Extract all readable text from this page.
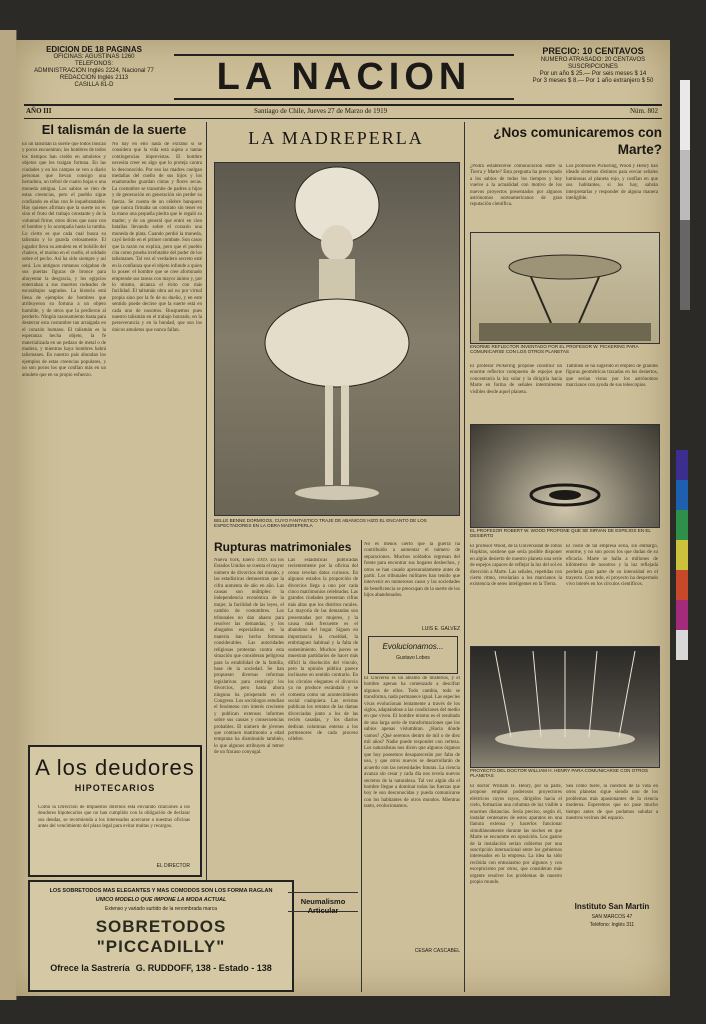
EDICION DE 18 PAGINAS
OFICINAS: AGUSTINAS 1260
TELEFONOS:
ADMINISTRACION Inglés 2224, Nacional 77
REDACCION Inglés 2113
CASILLA 81-D	LA NACION
PRECIO: 10 CENTAVOS
NUMERO ATRASADO: 20 CENTAVOS
SUSCRIPCIONES
Por un año $ 25.— Por seis meses $ 14
Por 3 meses $ 8.— Por 1 año extranjero $ 50
AÑO III	Santiago de Chile, Jueves 27 de Marzo de 1919	Núm. 802
El talismán de la suerte
Es un talismán la suerte que todos buscan y pocos encuentran; los hombres de todos los tiempos han creído en amuletos y objetos que les traigan fortuna. En las ciudades y en los campos se ven a diario personas que llevan consigo una herradura, un trébol de cuatro hojas o una moneda antigua. Los sabios se ríen de estas creencias, pero el pueblo sigue confiando en ellas con fe inquebrantable. Hay quienes afirman que la suerte no es sino el fruto del trabajo constante y de la voluntad firme; otros dicen que nace con el hombre y lo acompaña hasta la tumba. Lo cierto es que cada cual busca su talismán y lo guarda celosamente. El jugador lleva su amuleto en el bolsillo del chaleco, el marino en el cuello, el soldado sobre el pecho. Así ha sido siempre y así será. Los antiguos romanos colgaban de sus puertas figuras de bronce para ahuyentar la desgracia, y los egipcios enterraban a sus muertos rodeados de escarabajos sagrados. La historia está llena de ejemplos de hombres que atribuyeron su fortuna a un objeto humilde, y de otros que la perdieron al perderlo. Ningún razonamiento basta para desterrar esta costumbre tan arraigada en el corazón humano. El talismán es la esperanza hecha objeto, la fe materializada en un pedazo de metal o de madera, y mientras haya hombres habrá talismanes. En nuestro país abundan los ejemplos de estas creencias populares, y no son pocos los que confían más en un amuleto que en su propio esfuerzo.
No hay en ello nada de extraño si se considera que la vida está sujeta a tantas contingencias imprevistas. El hombre necesita creer en algo que lo proteja contra lo desconocido. Por eso las madres cuelgan medallas del cuello de sus hijos y los enamorados guardan cintas y flores secas. La costumbre se transmite de padres a hijos y de generación en generación sin perder su fuerza. Se cuenta de un célebre banquero que nunca firmaba un contrato sin tener en la mano una pequeña piedra que le regaló su madre; y de un general que entró en cien batallas llevando sobre el corazón una moneda de plata. Cuando perdió la moneda, cayó herido en el primer combate. Son casos que la razón no explica, pero que el pueblo cita como prueba irrefutable del poder de los talismanes. Tal vez el verdadero secreto esté en la confianza que el objeto infunde a quien lo posee: el hombre que se cree afortunado emprende sus tareas con mayor ánimo y, por lo mismo, alcanza el éxito con más facilidad. El talismán obra así no por virtud propia sino por la fe de su dueño, y en este sentido puede decirse que la suerte está en cada uno de nosotros. Busquemos pues nuestro talismán en el trabajo honrado, en la perseverancia y en la bondad, que son los únicos amuletos que nunca fallan.
A los deudores
HIPOTECARIOS
Como la Dirección de Impuestos Internos está enviando citaciones a los deudores hipotecarios que no han cumplido con la obligación de declarar sus deudas, se recomienda a los interesados acercarse a nuestras oficinas antes del vencimiento del plazo legal para evitar multas y recargos.
EL DIRECTOR
LOS SOBRETODOS MAS ELEGANTES Y MAS COMODOS SON LOS FORMA RAGLAN
UNICO MODELO QUE IMPONE LA MODA ACTUAL
Extenso y variado surtido de la renombrada marca
SOBRETODOS "PICCADILLY"
Ofrece la Sastrería G. RUDDOFF, 138 - Estado - 138
LA MADREPERLA
BELLE BENNE DORMIGOS, CUYO FANTASTICO TRAJE DE ABANICOS HIZO EL ENCANTO DE LOS ESPECTADORES EN LA OBRA MADREPERLA
Rupturas matrimoniales
Nueva York, Enero 1919. En los Estados Unidos se cuenta el mayor número de divorcios del mundo, y las estadísticas demuestran que la cifra aumenta de año en año. Las causas son múltiples: la independencia económica de la mujer, la facilidad de las leyes, el cambio de costumbres. Los tribunales no dan abasto para resolver las demandas, y los abogados especialistas en la materia han hecho fortunas considerables. Las autoridades religiosas protestan contra esta situación que consideran peligrosa para la estabilidad de la familia, base de la sociedad. Se han propuesto diversas reformas legislativas para restringir los divorcios, pero hasta ahora ninguna ha prosperado en el Congreso. Los sociólogos estudian el fenómeno con interés creciente y publican extensos informes sobre sus causas y consecuencias probables. El número de jóvenes que contraen matrimonio a edad temprana ha disminuido también, lo que algunos atribuyen al temor de un fracaso conyugal.
Las estadísticas publicadas recientemente por la oficina del censo revelan datos curiosos. En algunos estados la proporción de divorcios llega a uno por cada cinco matrimonios celebrados. Las grandes ciudades presentan cifras más altas que los distritos rurales. La mayoría de las demandas son presentadas por mujeres, y la causa más frecuente es el abandono del hogar. Siguen en importancia la crueldad, la embriaguez habitual y la falta de sostenimiento. Muchos jueces se muestran partidarios de hacer más difícil la disolución del vínculo, pero la opinión pública parece inclinarse en sentido contrario. En los círculos elegantes el divorcio ya no produce escándalo y se comenta como un acontecimiento social cualquiera. Las revistas publican los retratos de las damas divorciadas junto a los de las recién casadas, y los diarios dedican columnas enteras a los pormenores de cada proceso célebre.
No es menos cierto que la guerra ha contribuido a aumentar el número de separaciones. Muchos soldados regresan del frente para encontrar sus hogares deshechos, y otros se han casado apresuradamente antes de partir. Los tribunales militares han tenido que intervenir en numerosos casos y las sociedades de beneficencia se preocupan de la suerte de los hijos abandonados.
Evolucionamos...
Gustavo Lobos
El Universo es un abismo de misterios, y el hombre apenas ha comenzado a descifrar algunos de ellos. Todo cambia, todo se transforma, nada permanece igual. Las especies vivas evolucionan lentamente a través de los siglos, adaptándose a las condiciones del medio en que viven. El hombre mismo es el resultado de una larga serie de transformaciones que los sabios apenas vislumbran. ¿Hacia dónde vamos? ¿Qué seremos dentro de mil o de diez mil años? Nadie puede responder con certeza. Los naturalistas nos dicen que algunos órganos que hoy poseemos desaparecerán por falta de uso, y que otros nuevos se desarrollarán de acuerdo con las necesidades futuras. La ciencia avanza sin cesar y cada día nos revela nuevos secretos de la naturaleza. Tal vez algún día el hombre llegue a dominar todas las fuerzas que hoy le son desconocidas y pueda comunicarse con los habitantes de otros mundos. Mientras tanto, evolucionamos.
CESAR CASCABEL
LUIS E. GALVEZ
Neumalismo Articular
¿Nos comunicaremos con Marte?
¿Podrá establecerse comunicación entre la Tierra y Marte? Esta pregunta ha preocupado a los sabios de todos los tiempos y hoy vuelve a la actualidad con motivo de los nuevos proyectos presentados por algunos astrónomos norteamericanos de gran reputación científica.
Los profesores Pickering, Wood y Henry han ideado sistemas distintos para enviar señales luminosas al planeta rojo, y confían en que sus habitantes, si los hay, sabrán interpretarlas y responder de alguna manera inteligible.
ENORME REFLECTOR INVENTADO POR EL PROFESOR W. PICKERING PARA COMUNICARSE CON LOS OTROS PLANETAS
El profesor Pickering propone construir un enorme reflector compuesto de espejos que concentraría la luz solar y la dirigiría hacia Marte en forma de señales intermitentes visibles desde aquel planeta.
También se ha sugerido el empleo de grandes figuras geométricas trazadas en los desiertos, que serían vistas por los astrónomos marcianos con ayuda de sus telescopios.
EL PROFESOR ROBERT W. WOOD PROPONE QUE SE SIRVAN DE ESPEJOS EN EL DESIERTO
El profesor Wood, de la Universidad de Johns Hopkins, sostiene que sería posible disponer en algún desierto de nuestro planeta una serie de espejos capaces de reflejar la luz del sol en dirección a Marte. Las señales, repetidas con cierto ritmo, revelarían a los marcianos la existencia de seres inteligentes en la Tierra.
El costo de tal empresa sería, sin embargo, enorme, y no son pocos los que dudan de su eficacia. Marte se halla a millones de kilómetros de nosotros y la luz reflejada perdería gran parte de su intensidad en el trayecto. Con todo, el proyecto ha despertado vivo interés en los círculos científicos.
PROYECTO DEL DOCTOR WILLIAM H. HENRY PARA COMUNICARSE CON OTROS PLANETAS
El doctor William H. Henry, por su parte, propone emplear poderosos proyectores eléctricos cuyos rayos, dirigidos hacia el cielo, formarían una columna de luz visible a enormes distancias. Sería preciso, según él, instalar centenares de estos aparatos en una llanura extensa y hacerlos funcionar simultáneamente durante las noches en que Marte se encuentre en oposición. Los gastos de la instalación serían cubiertos por una suscripción internacional entre los gobiernos interesados en la empresa. La idea ha sido recibida con entusiasmo por algunos y con escepticismo por otros, que consideran más urgente resolver los problemas de nuestro propio mundo.
Sea como fuere, la cuestión de la vida en otros planetas sigue siendo uno de los problemas más apasionantes de la ciencia moderna. Esperemos que no pase mucho tiempo antes de que podamos saludar a nuestros vecinos del espacio.
Instituto San Martín
SAN MARCOS 47
Teléfono: Inglés 311
